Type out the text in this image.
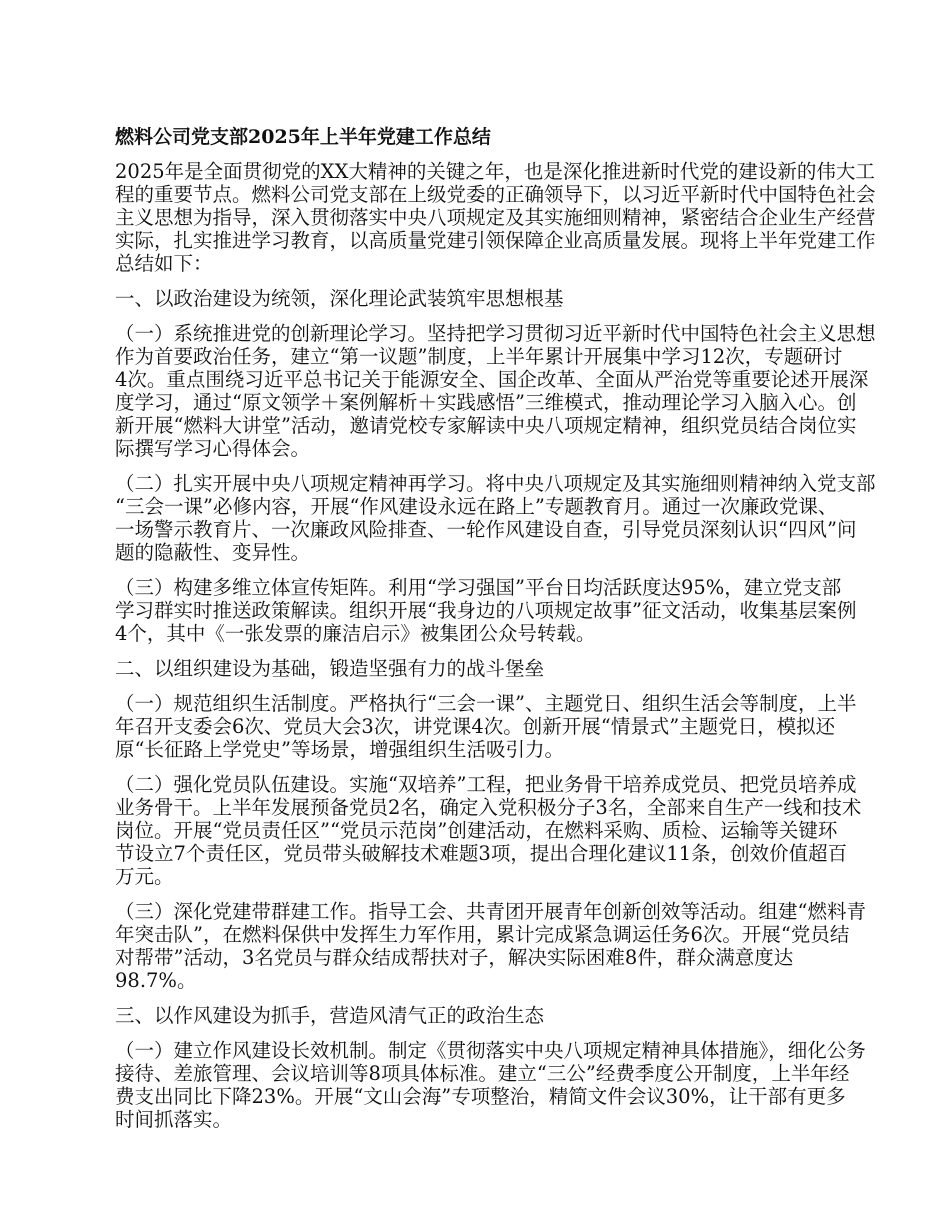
燃料公司党支部2025年上半年党建工作总结
2025年是全面贯彻党的XX大精神的关键之年，也是深化推进新时代党的建设新的伟大工
程的重要节点。燃料公司党支部在上级党委的正确领导下，以习近平新时代中国特色社会
主义思想为指导，深入贯彻落实中央八项规定及其实施细则精神，紧密结合企业生产经营
实际，扎实推进学习教育，以高质量党建引领保障企业高质量发展。现将上半年党建工作
总结如下：
一、以政治建设为统领，深化理论武装筑牢思想根基
（一）系统推进党的创新理论学习。坚持把学习贯彻习近平新时代中国特色社会主义思想
作为首要政治任务，建立“第一议题”制度，上半年累计开展集中学习12次，专题研讨
4次。重点围绕习近平总书记关于能源安全、国企改革、全面从严治党等重要论述开展深
度学习，通过“原文领学＋案例解析＋实践感悟”三维模式，推动理论学习入脑入心。创
新开展“燃料大讲堂”活动，邀请党校专家解读中央八项规定精神，组织党员结合岗位实
际撰写学习心得体会。
（二）扎实开展中央八项规定精神再学习。将中央八项规定及其实施细则精神纳入党支部
“三会一课”必修内容，开展“作风建设永远在路上”专题教育月。通过一次廉政党课、
一场警示教育片、一次廉政风险排查、一轮作风建设自查，引导党员深刻认识“四风”问
题的隐蔽性、变异性。
（三）构建多维立体宣传矩阵。利用“学习强国”平台日均活跃度达95%，建立党支部
学习群实时推送政策解读。组织开展“我身边的八项规定故事”征文活动，收集基层案例
4个，其中《一张发票的廉洁启示》被集团公众号转载。
二、以组织建设为基础，锻造坚强有力的战斗堡垒
（一）规范组织生活制度。严格执行“三会一课”、主题党日、组织生活会等制度，上半
年召开支委会6次、党员大会3次，讲党课4次。创新开展“情景式”主题党日，模拟还
原“长征路上学党史”等场景，增强组织生活吸引力。
（二）强化党员队伍建设。实施“双培养”工程，把业务骨干培养成党员、把党员培养成
业务骨干。上半年发展预备党员2名，确定入党积极分子3名，全部来自生产一线和技术
岗位。开展“党员责任区”“党员示范岗”创建活动，在燃料采购、质检、运输等关键环
节设立7个责任区，党员带头破解技术难题3项，提出合理化建议11条，创效价值超百
万元。
（三）深化党建带群建工作。指导工会、共青团开展青年创新创效等活动。组建“燃料青
年突击队”，在燃料保供中发挥生力军作用，累计完成紧急调运任务6次。开展“党员结
对帮带”活动，3名党员与群众结成帮扶对子，解决实际困难8件，群众满意度达
98.7%。
三、以作风建设为抓手，营造风清气正的政治生态
（一）建立作风建设长效机制。制定《贯彻落实中央八项规定精神具体措施》，细化公务
接待、差旅管理、会议培训等8项具体标准。建立“三公”经费季度公开制度，上半年经
费支出同比下降23%。开展“文山会海”专项整治，精简文件会议30%，让干部有更多
时间抓落实。
